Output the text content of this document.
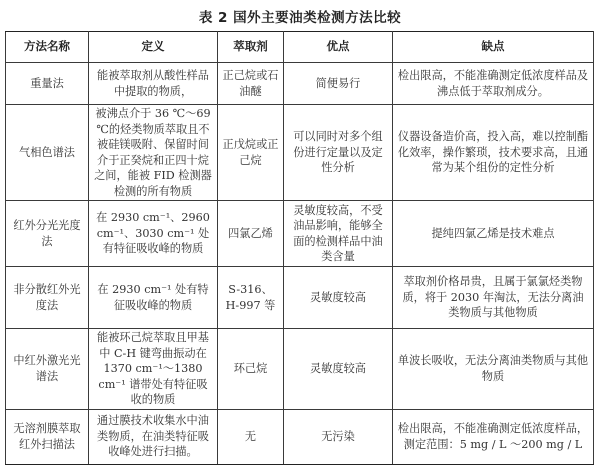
表 2 国外主要油类检测方法比较
方法名称	定义	萃取剂	优点	缺点
重量法	能被萃取剂从酸性样品中提取的物质，	正己烷或石油醚	简便易行	检出限高，不能准确测定低浓度样品及沸点低于萃取剂成分。
气相色谱法	被沸点介于 36 ℃～69 ℃的烃类物质萃取且不被硅镁吸附、保留时间介于正癸烷和正四十烷之间，能被 FID 检测器检测的所有物质	正戊烷或正己烷	可以同时对多个组份进行定量以及定性分析	仪器设备造价高，投入高，难以控制酯化效率，操作繁琐，技术要求高，且通常为某个组份的定性分析
红外分光光度法	在 2930 cm⁻¹、2960 cm⁻¹、3030 cm⁻¹ 处有特征吸收峰的物质	四氯乙烯	灵敏度较高，不受油品影响，能够全面的检测样品中油类含量	提纯四氯乙烯是技术难点
非分散红外光度法	在 2930 cm⁻¹ 处有特征吸收峰的物质	S-316、H-997 等	灵敏度较高	萃取剂价格昂贵，且属于氯氯烃类物质，将于 2030 年淘汰，无法分离油类物质与其他物质
中红外激光光谱法	能被环己烷萃取且甲基中 C-H 键弯曲振动在 1370 cm⁻¹～1380 cm⁻¹ 谱带处有特征吸收的物质	环己烷	灵敏度较高	单波长吸收，无法分离油类物质与其他物质
无溶剂膜萃取红外扫描法	通过膜技术收集水中油类物质，在油类特征吸收峰处进行扫描。	无	无污染	检出限高，不能准确测定低浓度样品，测定范围：5 mg / L ～200 mg / L
